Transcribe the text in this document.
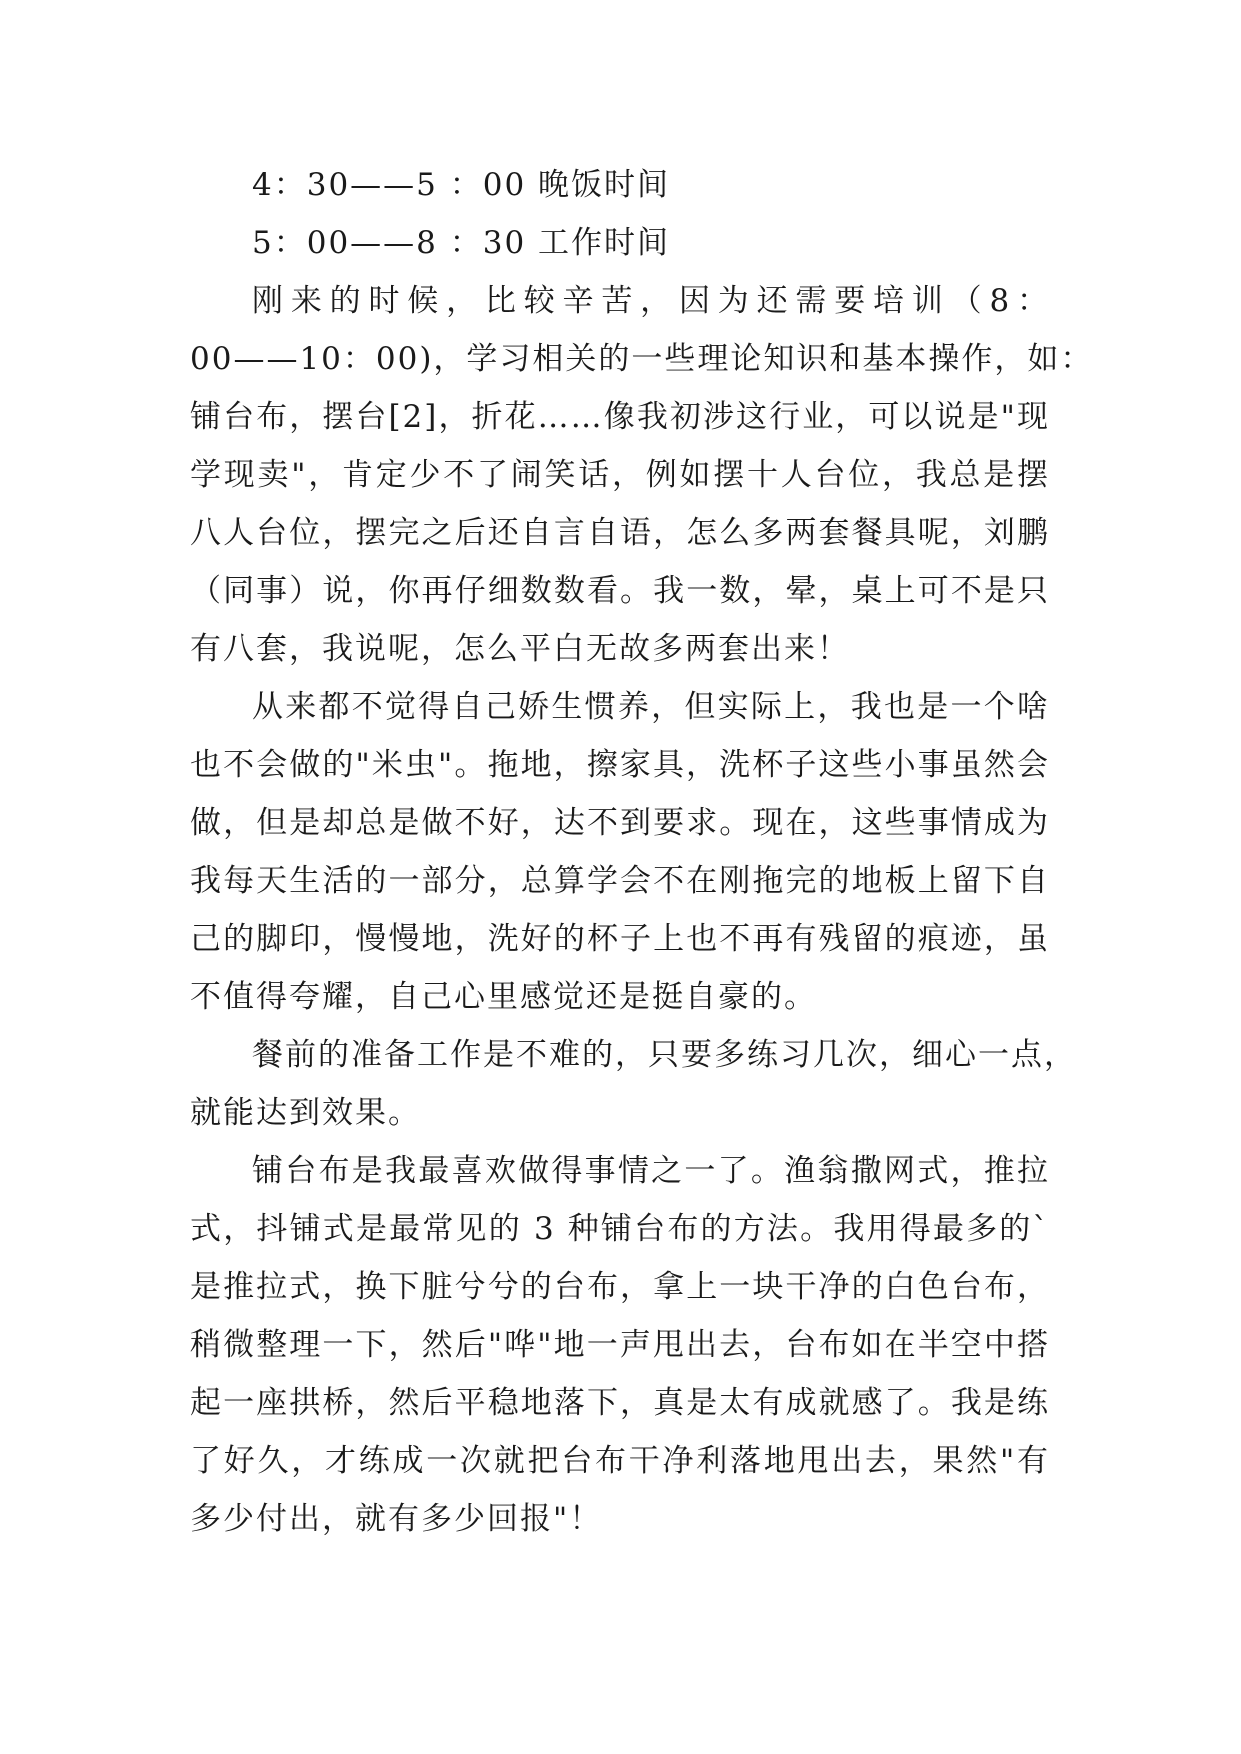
4：30——5 ：00 晚饭时间
5：00——8 ：30 工作时间
刚来的时候，比较辛苦，因为还需要培训（8：
00——10：00)，学习相关的一些理论知识和基本操作，如：
铺台布，摆台[2]，折花……像我初涉这行业，可以说是"现
学现卖"，肯定少不了闹笑话，例如摆十人台位，我总是摆
八人台位，摆完之后还自言自语，怎么多两套餐具呢，刘鹏
（同事）说，你再仔细数数看。我一数，晕，桌上可不是只
有八套，我说呢，怎么平白无故多两套出来！
从来都不觉得自己娇生惯养，但实际上，我也是一个啥
也不会做的"米虫"。拖地，擦家具，洗杯子这些小事虽然会
做，但是却总是做不好，达不到要求。现在，这些事情成为
我每天生活的一部分，总算学会不在刚拖完的地板上留下自
己的脚印，慢慢地，洗好的杯子上也不再有残留的痕迹，虽
不值得夸耀，自己心里感觉还是挺自豪的。
餐前的准备工作是不难的，只要多练习几次，细心一点，
就能达到效果。
铺台布是我最喜欢做得事情之一了。渔翁撒网式，推拉
式，抖铺式是最常见的 3 种铺台布的方法。我用得最多的`
是推拉式，换下脏兮兮的台布，拿上一块干净的白色台布，
稍微整理一下，然后"哗"地一声甩出去，台布如在半空中搭
起一座拱桥，然后平稳地落下，真是太有成就感了。我是练
了好久，才练成一次就把台布干净利落地甩出去，果然"有
多少付出，就有多少回报"！
